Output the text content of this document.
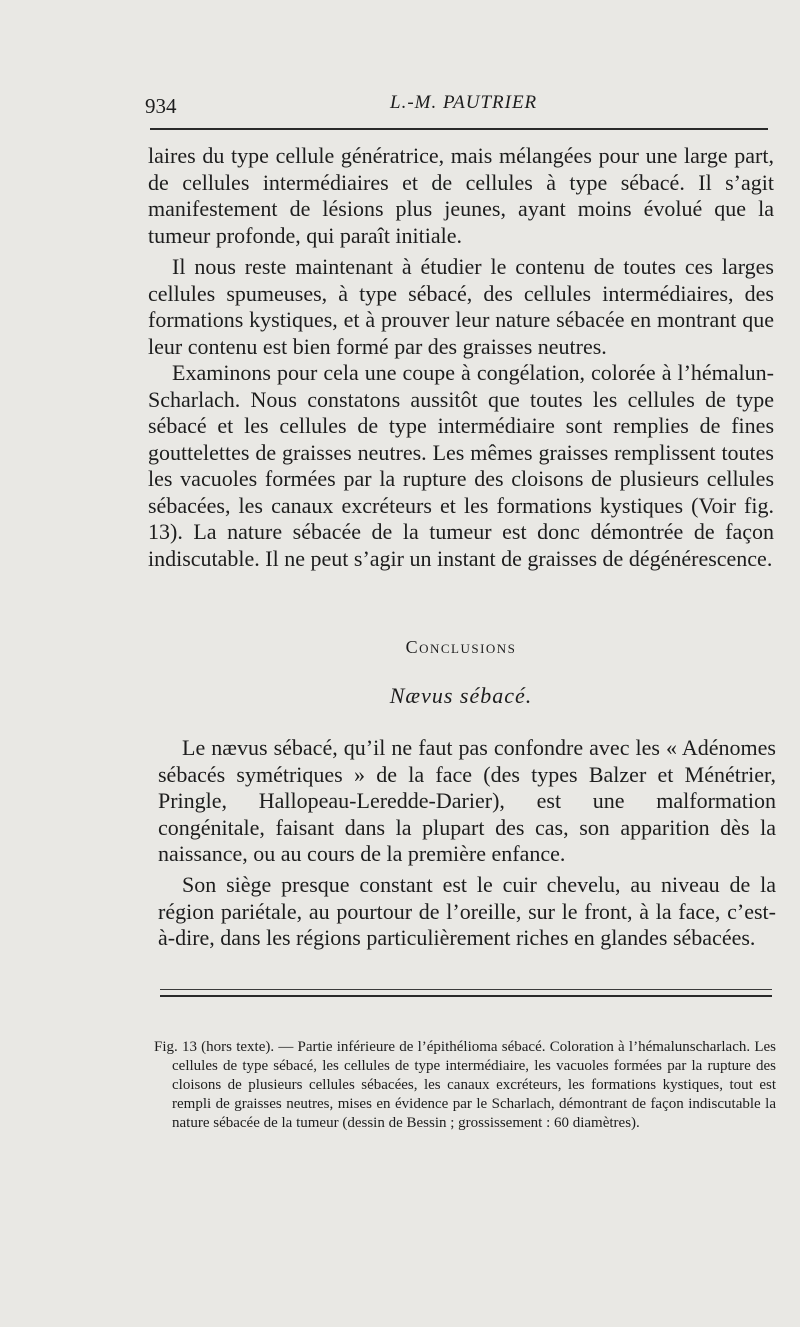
934	L.-M. PAUTRIER

laires du type cellule génératrice, mais mélangées pour une large part, de cellules intermédiaires et de cellules à type sébacé. Il s’agit manifestement de lésions plus jeunes, ayant moins évolué que la tumeur profonde, qui paraît initiale.

Il nous reste maintenant à étudier le contenu de toutes ces larges cellules spumeuses, à type sébacé, des cellules intermédiaires, des formations kystiques, et à prouver leur nature sébacée en montrant que leur contenu est bien formé par des graisses neutres.

Examinons pour cela une coupe à congélation, colorée à l’hémalun-Scharlach. Nous constatons aussitôt que toutes les cellules de type sébacé et les cellules de type intermédiaire sont remplies de fines gouttelettes de graisses neutres. Les mêmes graisses remplissent toutes les vacuoles formées par la rupture des cloisons de plusieurs cellules sébacées, les canaux excréteurs et les formations kystiques (Voir fig. 13). La nature sébacée de la tumeur est donc démontrée de façon indiscutable. Il ne peut s’agir un instant de graisses de dégénérescence.

Conclusions
Nævus sébacé.

Le nævus sébacé, qu’il ne faut pas confondre avec les « Adénomes sébacés symétriques » de la face (des types Balzer et Ménétrier, Pringle, Hallopeau-Leredde-Darier), est une malformation congénitale, faisant dans la plupart des cas, son apparition dès la naissance, ou au cours de la première enfance.

Son siège presque constant est le cuir chevelu, au niveau de la région pariétale, au pourtour de l’oreille, sur le front, à la face, c’est-à-dire, dans les régions particulièrement riches en glandes sébacées.

Fig. 13 (hors texte). — Partie inférieure de l’épithélioma sébacé. Coloration à l’hémalunscharlach. Les cellules de type sébacé, les cellules de type intermédiaire, les vacuoles formées par la rupture des cloisons de plusieurs cellules sébacées, les canaux excréteurs, les formations kystiques, tout est rempli de graisses neutres, mises en évidence par le Scharlach, démontrant de façon indiscutable la nature sébacée de la tumeur (dessin de Bessin ; grossissement : 60 diamètres).
